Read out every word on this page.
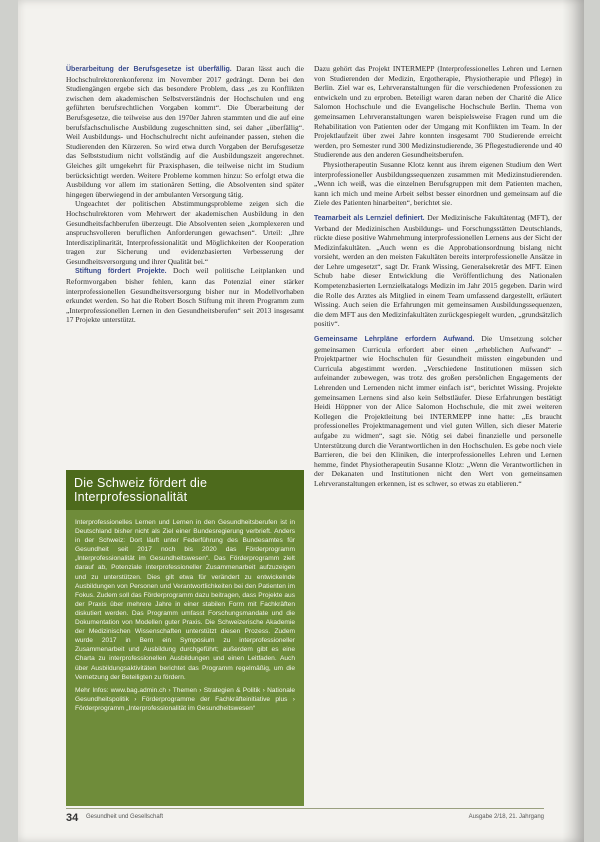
Überarbeitung der Berufsgesetze ist überfällig. Daran lässt auch die Hochschulrektorenkonferenz im November 2017 gedrängt. Denn bei den Studiengängen ergebe sich das besondere Problem, dass „es zu Konflikten zwischen dem akademischen Selbstverständnis der Hochschulen und eng geführten berufsrechtlichen Vorgaben kommt“. Die Überarbeitung der Berufsgesetze, die teilweise aus den 1970er Jahren stammten und die auf eine berufsfachschulische Ausbildung zugeschnitten sind, sei daher „überfällig“. Weil Ausbildungs- und Hochschulrecht nicht aufeinander passen, stehen die Studierenden den Kürzeren. So wird etwa durch Vorgaben der Berufsgesetze das Selbststudium nicht vollständig auf die Ausbildungszeit angerechnet. Gleiches gilt umgekehrt für Praxisphasen, die teilweise nicht im Studium berücksichtigt werden. Weitere Probleme kommen hinzu: So erfolgt etwa die Ausbildung vor allem im stationären Setting, die Absolventen sind später hingegen überwiegend in der ambulanten Versorgung tätig.

Ungeachtet der politischen Abstimmungsprobleme zeigen sich die Hochschulrektoren vom Mehrwert der akademischen Ausbildung in den Gesundheitsfachberufen überzeugt. Die Absolventen seien „komplexeren und anspruchsvolleren beruflichen Anforderungen gewachsen“. Urteil: „Ihre Interdisziplinarität, Interprofessionalität und Möglichkeiten der Kooperation tragen zur Sicherung und evidenzbasierten Verbesserung der Gesundheitsversorgung und ihrer Qualität bei.“

Stiftung fördert Projekte. Doch weil politische Leitplanken und Reformvorgaben bisher fehlen, kann das Potenzial einer stärker interprofessionellen Gesundheitsversorgung bisher nur in Modellvorhaben erkundet werden. So hat die Robert Bosch Stiftung mit ihrem Programm zum „Interprofessionellen Lernen in den Gesundheitsberufen“ seit 2013 insgesamt 17 Projekte unterstützt.

Die Schweiz fördert die Interprofessionalität

Interprofessionelles Lernen und Lernen in den Gesundheitsberufen ist in Deutschland bisher nicht als Ziel einer Bundesregierung verbrieft. Anders in der Schweiz: Dort läuft unter Federführung des Bundesamtes für Gesundheit seit 2017 noch bis 2020 das Förderprogramm „Interprofessionalität im Gesundheitswesen“. Das Förderprogramm zielt darauf ab, Potenziale interprofessioneller Zusammenarbeit aufzuzeigen und zu unterstützen. Dies gilt etwa für verändert zu entwickelnde Ausbildungen von Personen und Verantwortlichkeiten bei den Patienten im Fokus. Zudem soll das Förderprogramm dazu beitragen, dass Projekte aus der Praxis über mehrere Jahre in einer stabilen Form mit Fachkräften diskutiert werden. Das Programm umfasst Forschungsmandate und die Dokumentation von Modellen guter Praxis. Die Schweizerische Akademie der Medizinischen Wissenschaften unterstützt diesen Prozess. Zudem wurde 2017 in Bern ein Symposium zu interprofessioneller Zusammenarbeit und Ausbildung durchgeführt; außerdem gibt es eine Charta zu interprofessionellen Ausbildungen und einen Leitfaden. Auch über Ausbildungsaktivitäten berichtet das Programm regelmäßig, um die Vernetzung der Beteiligten zu fördern.

Mehr Infos: www.bag.admin.ch › Themen › Strategien & Politik › Nationale Gesundheitspolitik › Förderprogramme der Fachkräfteinitiative plus › Förderprogramm „Interprofessionalität im Gesundheitswesen“

Dazu gehört das Projekt INTERMEPP (Interprofessionelles Lehren und Lernen von Studierenden der Medizin, Ergotherapie, Physiotherapie und Pflege) in Berlin. Ziel war es, Lehrveranstaltungen für die verschiedenen Professionen zu entwickeln und zu erproben. Beteiligt waren daran neben der Charité die Alice Salomon Hochschule und die Evangelische Hochschule Berlin. Thema von gemeinsamen Lehrveranstaltungen waren beispielsweise Fragen rund um die Rehabilitation von Patienten oder der Umgang mit Konflikten im Team. In der Projektlaufzeit über zwei Jahre konnten insgesamt 700 Studierende erreicht werden, pro Semester rund 300 Medizinstudierende, 36 Pflegestudierende und 40 Studierende aus den anderen Gesundheitsberufen.

Physiotherapeutin Susanne Klotz kennt aus ihrem eigenen Studium den Wert interprofessioneller Ausbildungssequenzen zusammen mit Medizinstudierenden. „Wenn ich weiß, was die einzelnen Berufsgruppen mit dem Patienten machen, kann ich mich und meine Arbeit selbst besser einordnen und gemeinsam auf die Ziele des Patienten hinarbeiten“, berichtet sie.

Teamarbeit als Lernziel definiert. Der Medizinische Fakultätentag (MFT), der Verband der Medizinischen Ausbildungs- und Forschungsstätten Deutschlands, rückte diese positive Wahrnehmung interprofessionellen Lernens aus der Sicht der Medizinfakultäten. „Auch wenn es die Approbationsordnung bislang nicht vorsieht, werden an den meisten Fakultäten bereits interprofessionelle Ansätze in der Lehre umgesetzt“, sagt Dr. Frank Wissing, Generalsekretär des MFT. Einen Schub habe dieser Entwicklung die Veröffentlichung des Nationalen Kompetenzbasierten Lernzielkatalogs Medizin im Jahr 2015 gegeben. Darin wird die Rolle des Arztes als Mitglied in einem Team umfassend dargestellt, erläutert Wissing. Auch seien die Erfahrungen mit gemeinsamen Ausbildungssequenzen, die dem MFT aus den Medizinfakultäten zurückgespiegelt wurden, „grundsätzlich positiv“.

Gemeinsame Lehrpläne erfordern Aufwand. Die Umsetzung solcher gemeinsamen Curricula erfordert aber einen „erheblichen Aufwand“ – Projektpartner wie Hochschulen für Gesundheit müssten eingebunden und Curricula abgestimmt werden. „Verschiedene Institutionen müssen sich aufeinander zubewegen, was trotz des großen persönlichen Engagements der Lehrenden und Lernenden nicht immer einfach ist“, berichtet Wissing. Projekte gemeinsamen Lernens sind also kein Selbstläufer. Diese Erfahrungen bestätigt Heidi Höppner von der Alice Salomon Hochschule, die mit zwei weiteren Kollegen die Projektleitung bei INTERMEPP inne hatte: „Es braucht professionelles Projektmanagement und viel guten Willen, sich dieser Materie aufgabe zu widmen“, sagt sie. Nötig sei dabei finanzielle und personelle Unterstützung durch die Verantwortlichen in den Hochschulen. Es gebe noch viele Barrieren, die bei den Kliniken, die interprofessionelles Lehren und Lernen hemme, findet Physiotherapeutin Susanne Klotz: „Wenn die Verantwortlichen in der Dekanaten und Institutionen nicht den Wert von gemeinsamen Lehrveranstaltungen erkennen, ist es schwer, so etwas zu etablieren.“

34 Gesundheit und Gesellschaft	Ausgabe 2/18, 21. Jahrgang
